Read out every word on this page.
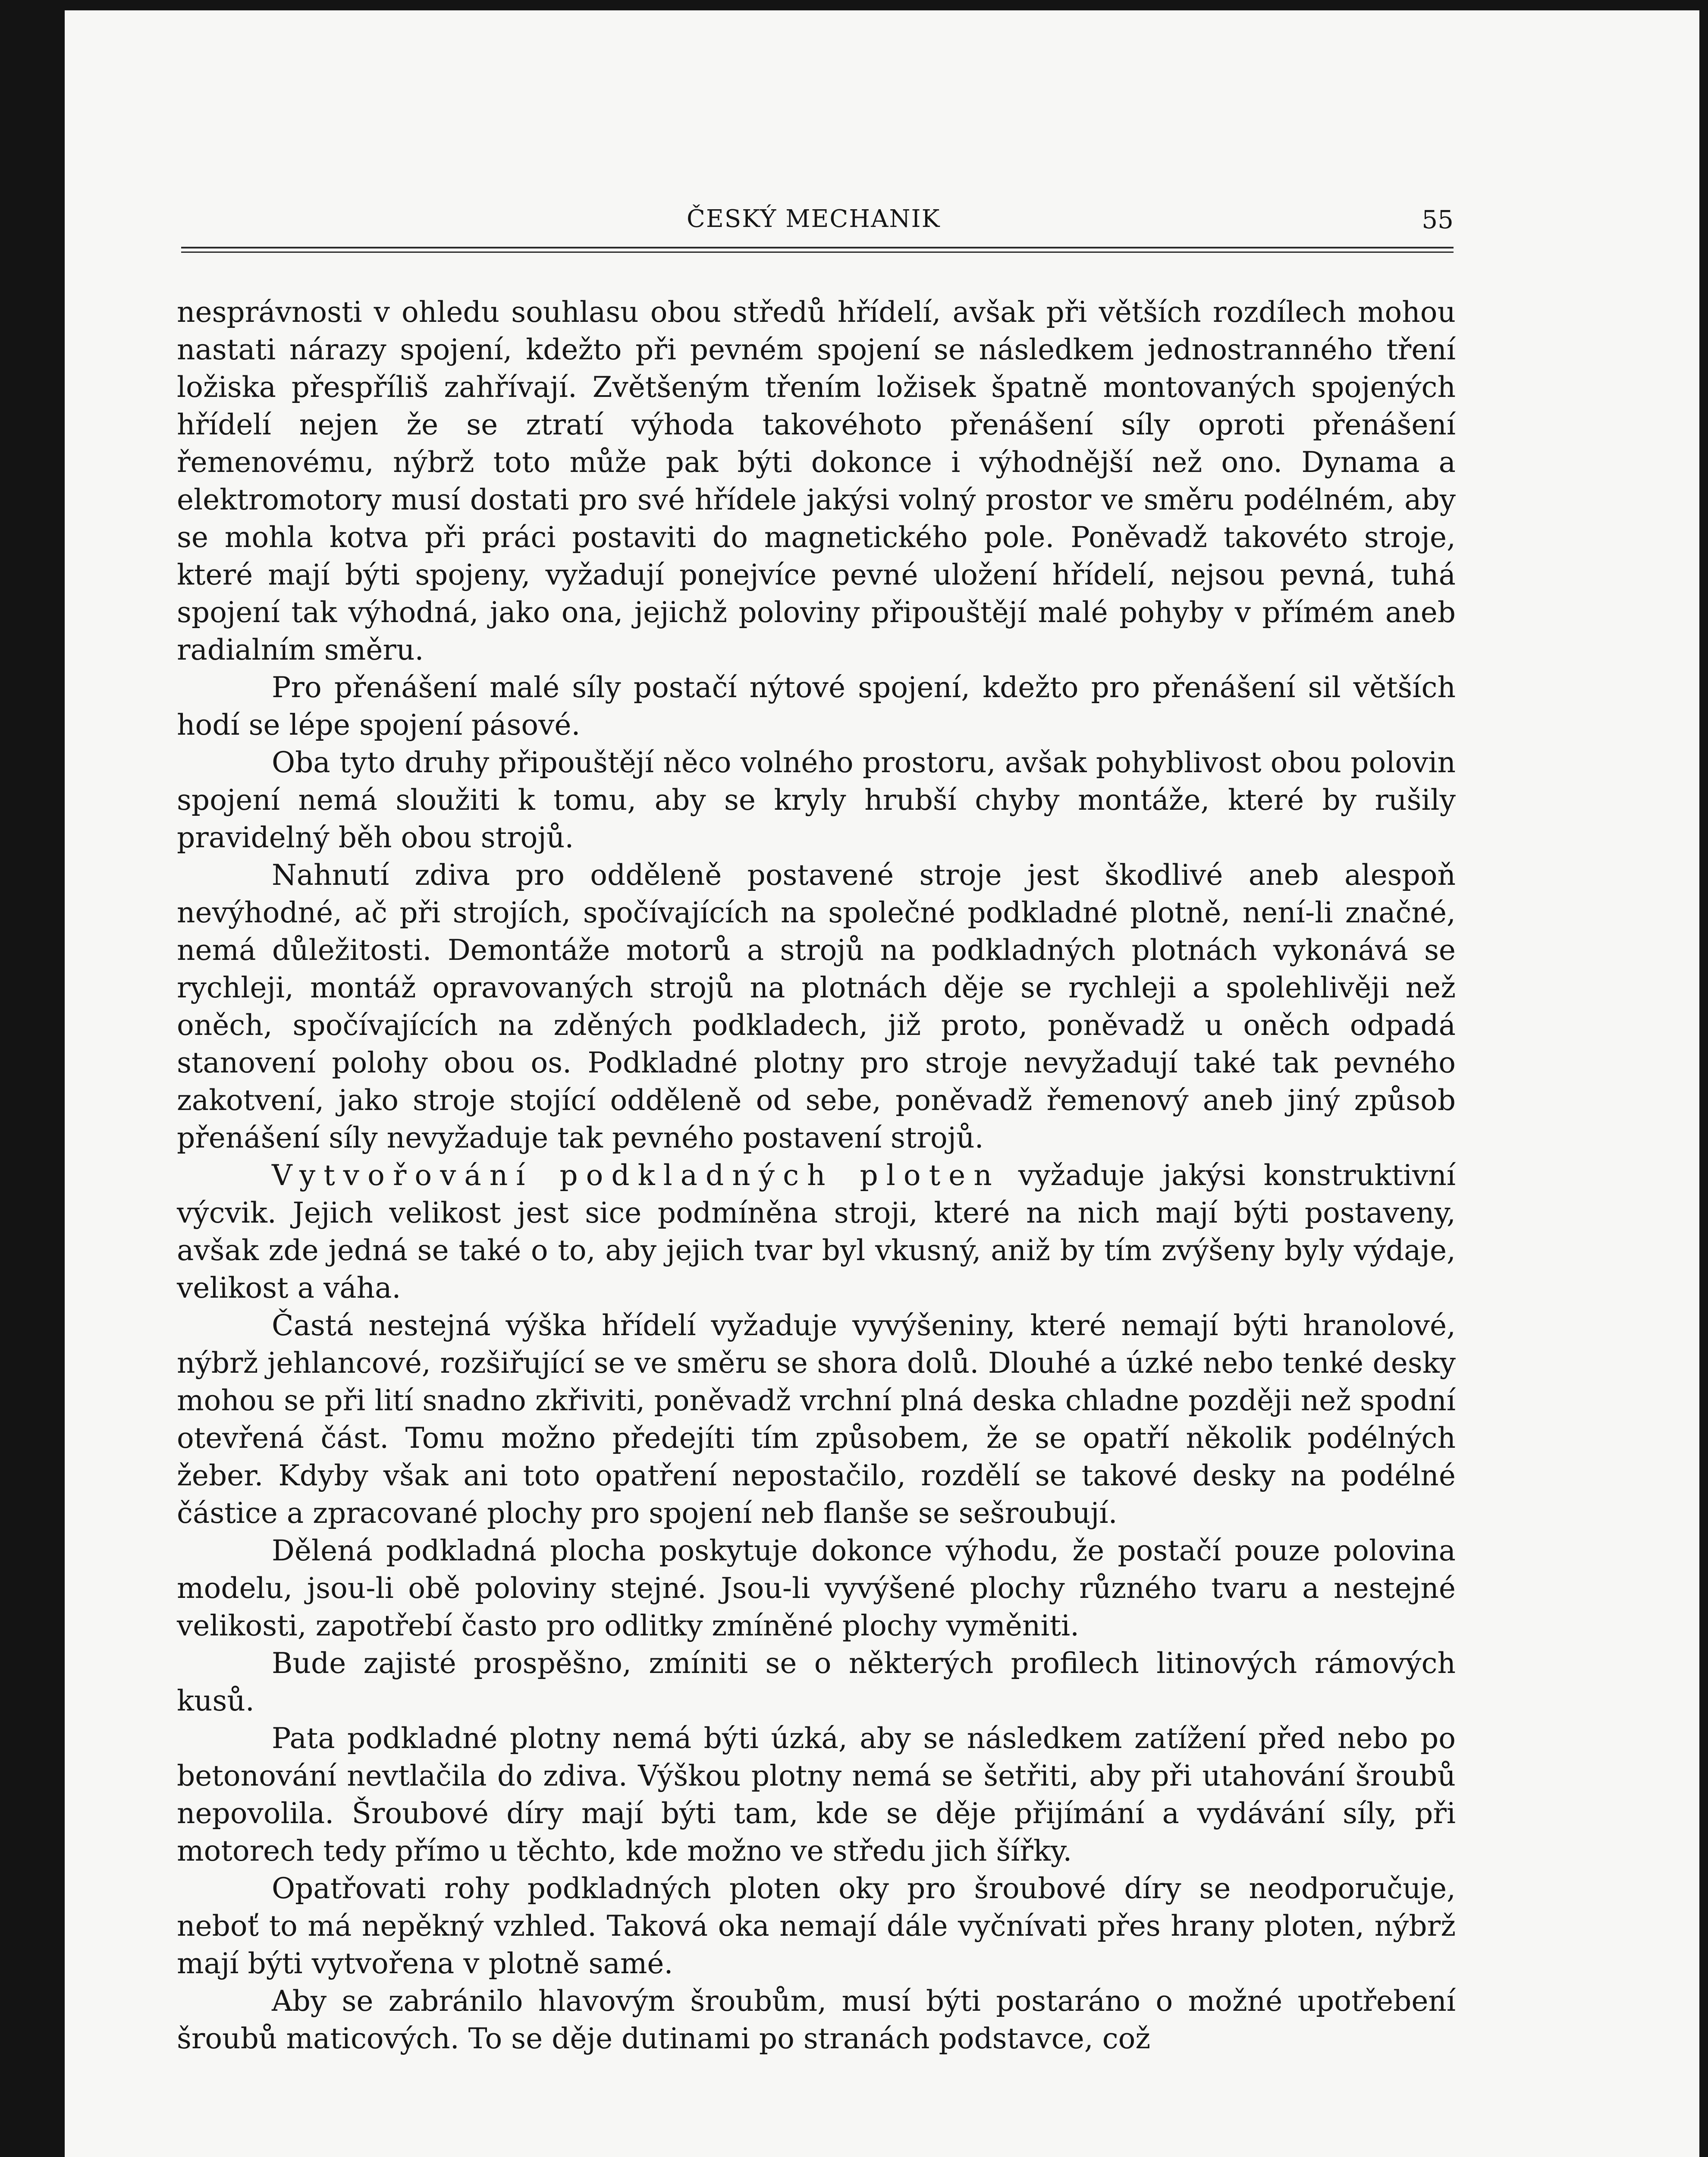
ČESKÝ MECHANIK	55

nesprávnosti v ohledu souhlasu obou středů hřídelí, avšak při větších rozdílech mohou nastati nárazy spojení, kdežto při pevném spojení se následkem jednostranného tření ložiska přespříliš zahřívají. Zvětšeným třením ložisek špatně montovaných spojených hřídelí nejen že se ztratí výhoda takovéhoto přenášení síly oproti přenášení řemenovému, nýbrž toto může pak býti dokonce i výhodnější než ono. Dynama a elektromotory musí dostati pro své hřídele jakýsi volný prostor ve směru podélném, aby se mohla kotva při práci postaviti do magnetického pole. Poněvadž takovéto stroje, které mají býti spojeny, vyžadují ponejvíce pevné uložení hřídelí, nejsou pevná, tuhá spojení tak výhodná, jako ona, jejichž poloviny připouštějí malé pohyby v přímém aneb radialním směru.

Pro přenášení malé síly postačí nýtové spojení, kdežto pro přenášení sil větších hodí se lépe spojení pásové.

Oba tyto druhy připouštějí něco volného prostoru, avšak pohyblivost obou polovin spojení nemá sloužiti k tomu, aby se kryly hrubší chyby montáže, které by rušily pravidelný běh obou strojů.

Nahnutí zdiva pro odděleně postavené stroje jest škodlivé aneb alespoň nevýhodné, ač při strojích, spočívajících na společné podkladné plotně, není-li značné, nemá důležitosti. Demontáže motorů a strojů na podkladných plotnách vykonává se rychleji, montáž opravovaných strojů na plotnách děje se rychleji a spolehlivěji než oněch, spočívajících na zděných podkladech, již proto, poněvadž u oněch odpadá stanovení polohy obou os. Podkladné plotny pro stroje nevyžadují také tak pevného zakotvení, jako stroje stojící odděleně od sebe, poněvadž řemenový aneb jiný způsob přenášení síly nevyžaduje tak pevného postavení strojů.

Vytvořování podkladných ploten vyžaduje jakýsi konstruktivní výcvik. Jejich velikost jest sice podmíněna stroji, které na nich mají býti postaveny, avšak zde jedná se také o to, aby jejich tvar byl vkusný, aniž by tím zvýšeny byly výdaje, velikost a váha.

Častá nestejná výška hřídelí vyžaduje vyvýšeniny, které nemají býti hranolové, nýbrž jehlancové, rozšiřující se ve směru se shora dolů. Dlouhé a úzké nebo tenké desky mohou se při lití snadno zkřiviti, poněvadž vrchní plná deska chladne později než spodní otevřená část. Tomu možno předejíti tím způsobem, že se opatří několik podélných žeber. Kdyby však ani toto opatření nepostačilo, rozdělí se takové desky na podélné částice a zpracované plochy pro spojení neb flanše se sešroubují.

Dělená podkladná plocha poskytuje dokonce výhodu, že postačí pouze polovina modelu, jsou-li obě poloviny stejné. Jsou-li vyvýšené plochy různého tvaru a nestejné velikosti, zapotřebí často pro odlitky zmíněné plochy vyměniti.

Bude zajisté prospěšno, zmíniti se o některých profilech litinových rámových kusů.

Pata podkladné plotny nemá býti úzká, aby se následkem zatížení před nebo po betonování nevtlačila do zdiva. Výškou plotny nemá se šetřiti, aby při utahování šroubů nepovolila. Šroubové díry mají býti tam, kde se děje přijímání a vydávání síly, při motorech tedy přímo u těchto, kde možno ve středu jich šířky.

Opatřovati rohy podkladných ploten oky pro šroubové díry se neodporučuje, neboť to má nepěkný vzhled. Taková oka nemají dále vyčnívati přes hrany ploten, nýbrž mají býti vytvořena v plotně samé.

Aby se zabránilo hlavovým šroubům, musí býti postaráno o možné upotřebení šroubů maticových. To se děje dutinami po stranách podstavce, což
